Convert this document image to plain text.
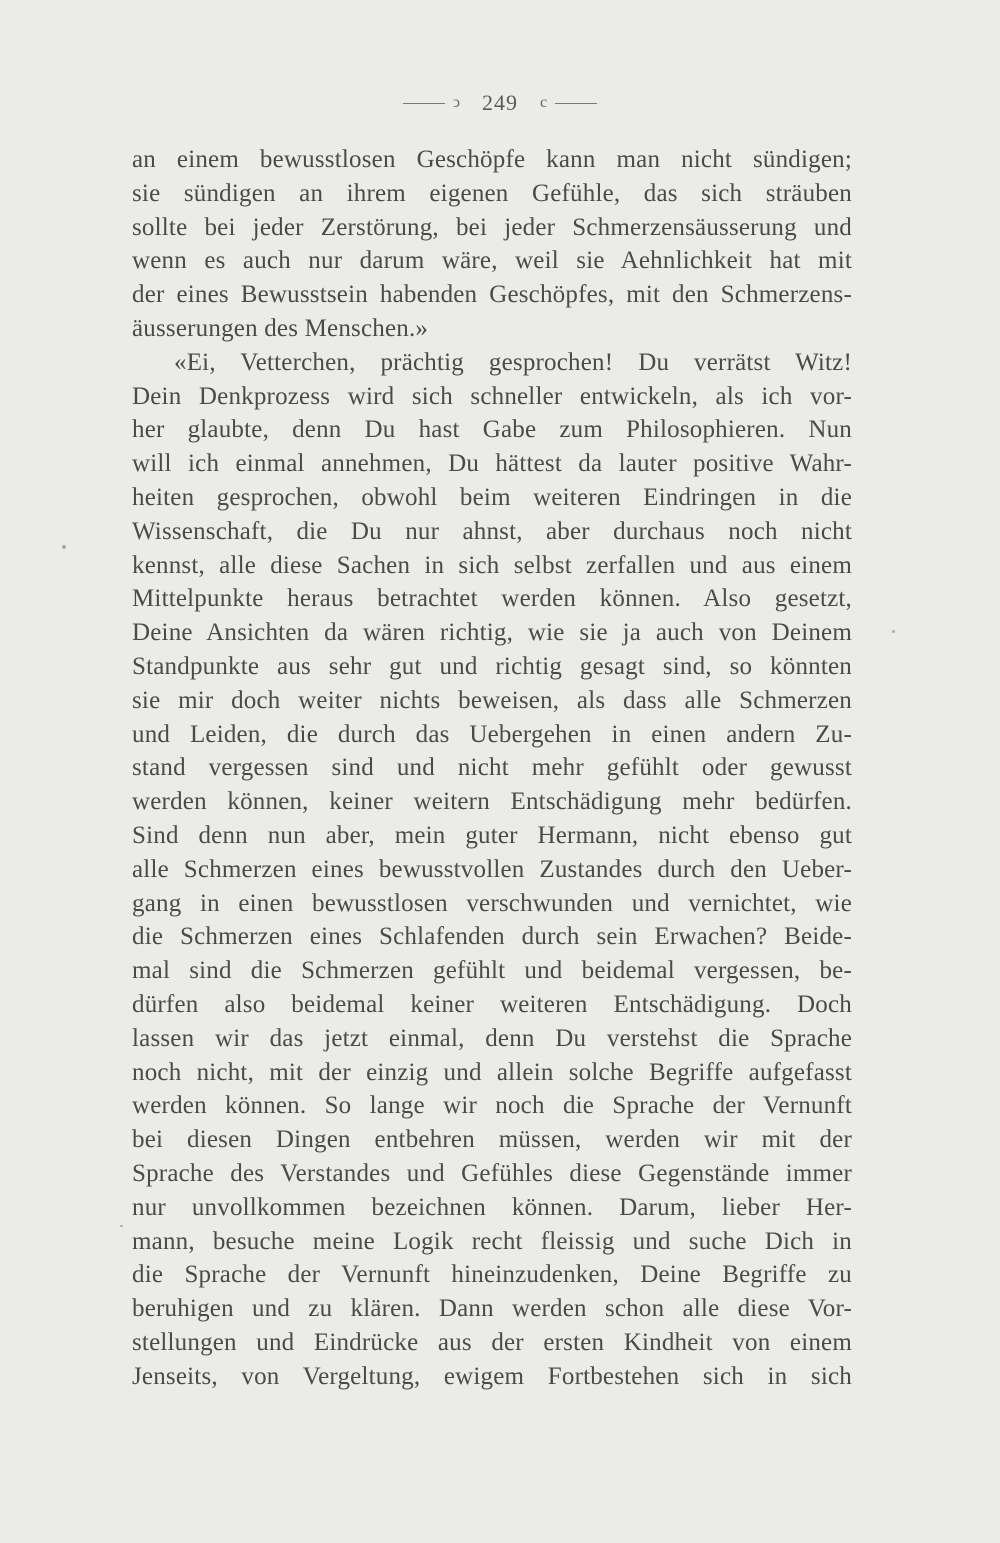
ↄ 249 c
an einem bewusstlosen Geschöpfe kann man nicht sündigen;
sie sündigen an ihrem eigenen Gefühle, das sich sträuben
sollte bei jeder Zerstörung, bei jeder Schmerzensäusserung und
wenn es auch nur darum wäre, weil sie Aehnlichkeit hat mit
der eines Bewusstsein habenden Geschöpfes, mit den Schmerzens-
äusserungen des Menschen.»
«Ei, Vetterchen, prächtig gesprochen! Du verrätst Witz!
Dein Denkprozess wird sich schneller entwickeln, als ich vor-
her glaubte, denn Du hast Gabe zum Philosophieren. Nun
will ich einmal annehmen, Du hättest da lauter positive Wahr-
heiten gesprochen, obwohl beim weiteren Eindringen in die
Wissenschaft, die Du nur ahnst, aber durchaus noch nicht
kennst, alle diese Sachen in sich selbst zerfallen und aus einem
Mittelpunkte heraus betrachtet werden können. Also gesetzt,
Deine Ansichten da wären richtig, wie sie ja auch von Deinem
Standpunkte aus sehr gut und richtig gesagt sind, so könnten
sie mir doch weiter nichts beweisen, als dass alle Schmerzen
und Leiden, die durch das Uebergehen in einen andern Zu-
stand vergessen sind und nicht mehr gefühlt oder gewusst
werden können, keiner weitern Entschädigung mehr bedürfen.
Sind denn nun aber, mein guter Hermann, nicht ebenso gut
alle Schmerzen eines bewusstvollen Zustandes durch den Ueber-
gang in einen bewusstlosen verschwunden und vernichtet, wie
die Schmerzen eines Schlafenden durch sein Erwachen? Beide-
mal sind die Schmerzen gefühlt und beidemal vergessen, be-
dürfen also beidemal keiner weiteren Entschädigung. Doch
lassen wir das jetzt einmal, denn Du verstehst die Sprache
noch nicht, mit der einzig und allein solche Begriffe aufgefasst
werden können. So lange wir noch die Sprache der Vernunft
bei diesen Dingen entbehren müssen, werden wir mit der
Sprache des Verstandes und Gefühles diese Gegenstände immer
nur unvollkommen bezeichnen können. Darum, lieber Her-
mann, besuche meine Logik recht fleissig und suche Dich in
die Sprache der Vernunft hineinzudenken, Deine Begriffe zu
beruhigen und zu klären. Dann werden schon alle diese Vor-
stellungen und Eindrücke aus der ersten Kindheit von einem
Jenseits, von Vergeltung, ewigem Fortbestehen sich in sich
